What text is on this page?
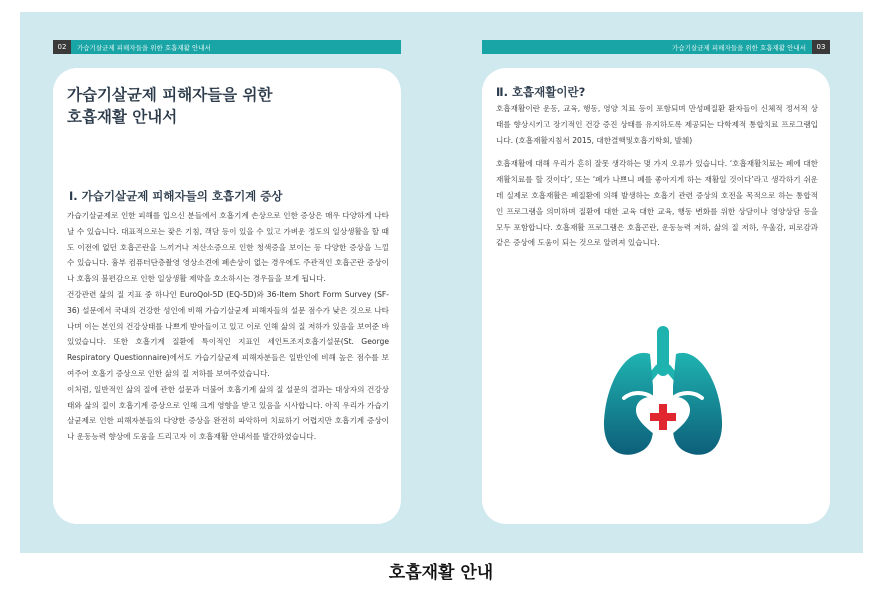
02	가습기살균제 피해자들을 위한 호흡재활 안내서	가습기살균제 피해자들을 위한 호흡재활 안내서	03
가습기살균제 피해자들을 위한
호흡재활 안내서
Ⅰ. 가습기살균제 피해자들의 호흡기계 증상
가습기살균제로 인한 피해를 입으신 분들에서 호흡기계 손상으로 인한 증상은 매우 다양하게 나타날 수 있습니다. 대표적으로는 잦은 기침, 객담 등이 있을 수 있고 가벼운 정도의 일상생활을 할 때도 이전에 없던 호흡곤란을 느끼거나 저산소증으로 인한 청색증을 보이는 등 다양한 증상을 느낄 수 있습니다. 흉부 컴퓨터단층촬영 영상소견에 폐손상이 없는 경우에도 주관적인 호흡곤란 증상이나 호흡의 불편감으로 인한 일상생활 제약을 호소하시는 경우들을 보게 됩니다.
건강관련 삶의 질 지표 중 하나인 EuroQol-5D (EQ-5D)와 36-Item Short Form Survey (SF-36) 설문에서 국내의 건강한 성인에 비해 가습기살균제 피해자들의 설문 점수가 낮은 것으로 나타나며 이는 본인의 건강상태를 나쁘게 받아들이고 있고 이로 인해 삶의 질 저하가 있음을 보여준 바 있었습니다. 또한 호흡기계 질환에 특이적인 지표인 세인트조지호흡기설문(St. George Respiratory Questionnaire)에서도 가습기살균제 피해자분들은 일반인에 비해 높은 점수를 보여주어 호흡기 증상으로 인한 삶의 질 저하를 보여주었습니다.
이처럼, 일반적인 삶의 질에 관한 설문과 더불어 호흡기계 삶의 질 설문의 결과는 대상자의 건강상태와 삶의 질이 호흡기계 증상으로 인해 크게 영향을 받고 있음을 시사합니다. 아직 우리가 가습기살균제로 인한 피해자분들의 다양한 증상을 완전히 파악하여 치료하기 어렵지만 호흡기계 증상이나 운동능력 향상에 도움을 드리고자 이 호흡재활 안내서를 발간하였습니다.
Ⅱ. 호흡재활이란?
호흡재활이란 운동, 교육, 행동, 영양 치료 등이 포함되며 만성폐질환 환자들이 신체적 정서적 상태를 향상시키고 장기적인 건강 증진 상태를 유지하도록 제공되는 다학제적 통합치료 프로그램입니다. (호흡재활지침서 2015, 대한결핵및호흡기학회, 발췌)
호흡재활에 대해 우리가 흔히 잘못 생각하는 몇 가지 오류가 있습니다. ‘호흡재활치료는 폐에 대한 재활치료를 할 것이다’, 또는 ‘폐가 나쁘니 폐를 좋아지게 하는 재활일 것이다’라고 생각하기 쉬운데 실제로 호흡재활은 폐질환에 의해 발생하는 호흡기 관련 증상의 호전을 목적으로 하는 통합적인 프로그램을 의미하며 질환에 대한 교육 대한 교육, 행동 변화를 위한 상담이나 영양상담 등을 모두 포함합니다. 호흡재활 프로그램은 호흡곤란, 운동능력 저하, 삶의 질 저하, 우울감, 피로감과 같은 증상에 도움이 되는 것으로 알려져 있습니다.
호흡재활 안내
